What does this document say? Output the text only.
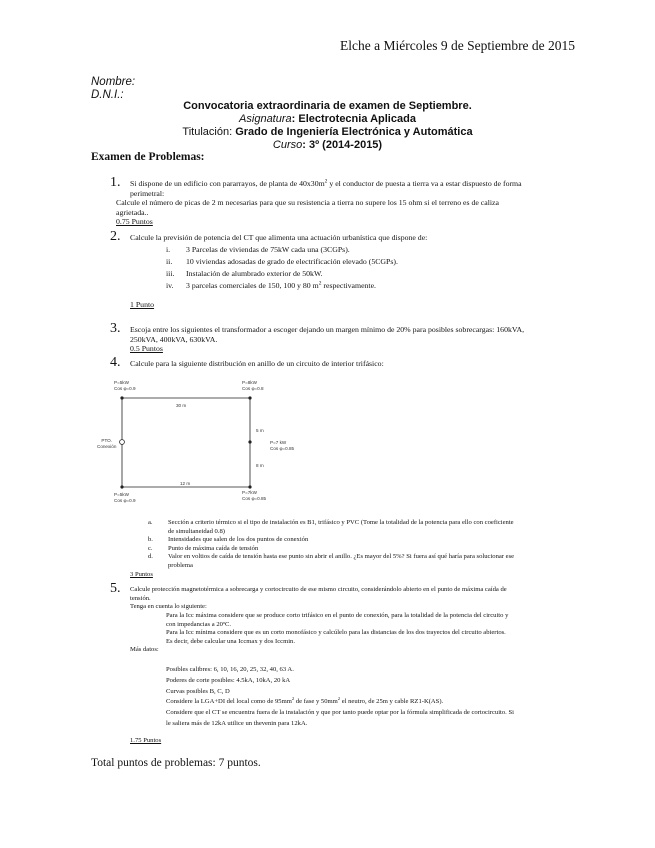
Elche a Miércoles 9 de Septiembre de 2015
Nombre:
D.N.I.:
Convocatoria extraordinaria de examen de Septiembre.
Asignatura: Electrotecnia Aplicada
Titulación: Grado de Ingeniería Electrónica y Automática
Curso: 3º (2014-2015)
Examen de Problemas:
1. Si dispone de un edificio con pararrayos, de planta de $40x30m^2$ y el conductor de puesta a tierra va a estar dispuesto de forma
perimetral:
Calcule el número de picas de 2 m necesarias para que su resistencia a tierra no supere los 15 ohm si el terreno es de caliza
agrietada..
0.75 Puntos
2. Calcule la previsión de potencia del CT que alimenta una actuación urbanística que dispone de:
i. 3 Parcelas de viviendas de 75kW cada una (3CGPs).
ii. 10 viviendas adosadas de grado de electrificación elevado (5CGPs).
iii. Instalación de alumbrado exterior de 50kW.
iv. 3 parcelas comerciales de 150, 100 y 80 $m^2$ respectivamente.
1 Punto
3. Escoja entre los siguientes el transformador a escoger dejando un margen mínimo de 20% para posibles sobrecargas: 160kVA,
250kVA, 400kVA, 630kVA.
0.5 Puntos
4. Calcule para la siguiente distribución en anillo de un circuito de interior trifásico:
P=5kW
Cos φ=0.9
P=8kW
Cos φ=0.8
30 m
PTO.
Conexión
5 m
P=7 kW
Cos φ=0.85
8 m
12 m
P=5kW
Cos φ=0.9
P=7kW
Cos φ=0.85
a. Sección a criterio térmico si el tipo de instalación es B1, trifásico y PVC (Tome la totalidad de la potencia para ello con coeficiente
de simultaneidad 0.8)
b. Intensidades que salen de los dos puntos de conexión
c. Punto de máxima caída de tensión
d. Valor en voltios de caída de tensión hasta ese punto sin abrir el anillo. ¿Es mayor del 5%? Si fuera así qué haría para solucionar ese
problema
3 Puntos
5. Calcule protección magnetotérmica a sobrecarga y cortocircuito de ese mismo circuito, considerándolo abierto en el punto de máxima caída de
tensión.
Tenga en cuenta lo siguiente:
Para la Icc máxima considere que se produce corto trifásico en el punto de conexión, para la totalidad de la potencia del circuito y
con impedancias a 20ºC.
Para la Icc mínima considere que es un corto monofásico y calcúlelo para las distancias de los dos trayectos del circuito abiertos.
Es decir, debe calcular una Iccmax y dos Iccmin.
Más datos:
Posibles calibres: 6, 10, 16, 20, 25, 32, 40, 63 A.
Poderes de corte posibles: 4.5kA, 10kA, 20 kA
Curvas posibles B, C, D
Considere la LGA+DI del local como de $95mm^2$ de fase y $50mm^2$ el neutro, de 25m y cable RZ1-K(AS).
Considere que el CT se encuentra fuera de la instalación y que por tanto puede optar por la fórmula simplificada de cortocircuito. Si
le saliera más de 12kA utilice un thevenin para 12kA.
1.75 Puntos
Total puntos de problemas: 7 puntos.
